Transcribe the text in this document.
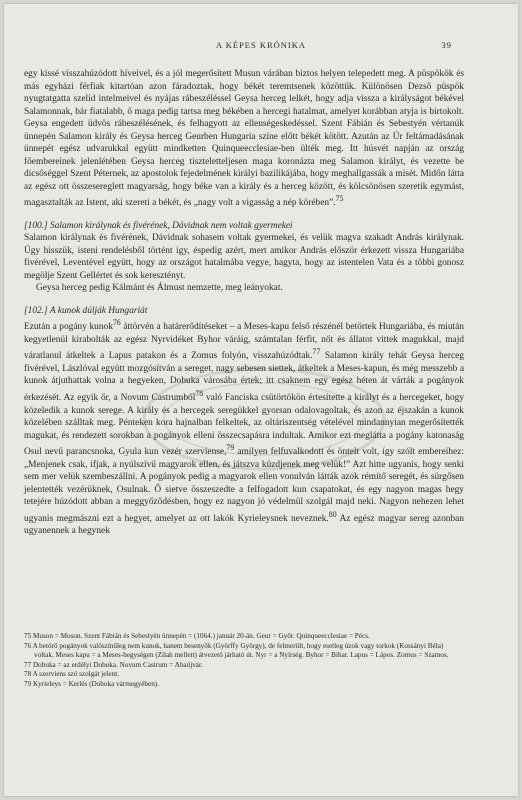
A KÉPES KRÓNIKA	39

egy kissé visszahúzódott híveivel, és a jól megerősített Musun várában biztos helyen telepedett meg. A püspökök és más egyházi férfiak kitartóan azon fáradoztak, hogy békét teremtsenek közöttük. Különösen Dezső püspök nyugtatgatta szelíd intelmeivel és nyájas rábeszéléssel Geysa herceg lelkét, hogy adja vissza a királyságot békével Salamonnak, bár fiatalabb, ő maga pedig tartsa meg békében a hercegi hatalmat, amelyet korábban atyja is birtokolt. Geysa engedett üdvös rábeszélésének, és felhagyott az ellenségeskedéssel. Szent Fábián és Sebestyén vértanúk ünnepén Salamon király és Geysa herceg Geurben Hungaria színe előtt békét kötött. Azután az Úr feltámadásának ünnepét egész udvarukkal együtt mindketten Quinqueecclesiae-ben ülték meg. Itt húsvét napján az ország főembereinek jelenlétében Geysa herceg tiszteletteljesen maga koronázta meg Salamon királyt, és vezette be dicsőséggel Szent Péternek, az apostolok fejedelmének királyi bazilikájába, hogy meghallgassák a misét. Midőn látta az egész ott összesereglett magyarság, hogy béke van a király és a herceg között, és kölcsönösen szeretik egymást, magasztalták az Istent, aki szereti a békét, és „nagy volt a vigasság a nép körében”.$^{75}$

[100.] Salamon királynak és fivérének, Dávidnak nem voltak gyermekei

Salamon királynak és fivérének, Dávidnak sohasem voltak gyermekei, és velük magva szakadt András királynak. Úgy hisszük, isteni rendelésből történt így, éspedig azért, mert amikor András először érkezett vissza Hungariába fivérével, Leventével együtt, hogy az országot hatalmába vegye, hagyta, hogy az istentelen Vata és a többi gonosz megölje Szent Gellértet és sok keresztényt.

Geysa herceg pedig Kálmánt és Álmust nemzette, meg leányokat.

[102.] A kunok dúlják Hungariát

Ezután a pogány kunok$^{76}$ áttörvén a határerődítéseket – a Meses-kapu felső részénél betörtek Hungariába, és miután kegyetlenül kirabolták az egész Nyrvidéket Byhor váráig, számtalan férfit, nőt és állatot vittek magukkal, majd váratlanul átkeltek a Lapus patakon és a Zomus folyón, visszahúzódtak.$^{77}$ Salamon király tehát Geysa herceg fivérével, Lászlóval együtt mozgósítván a sereget, nagy sebesen siettek, átkeltek a Meses-kapun, és még messzebb a kunok átjuthattak volna a hegyeken, Dobuka városába értek; itt csaknem egy egész héten át várták a pogányok érkezését. Az egyik őr, a Novum Castrumból$^{78}$ való Fanciska csütörtökön értesítette a királyt és a hercegeket, hogy közeledik a kunok serege. A király és a hercegek seregükkel gyorsan odalovagoltak, és azon az éjszakán a kunok közelében szálltak meg. Pénteken kora hajnalban felkeltek, az oltáriszentség vételével mindannyian megerősítették magukat, és rendezett sorokban a pogányok elleni összecsapásra indultak. Amikor ezt meglátta a pogány katonaság Osul nevű parancsnoka, Gyula kun vezér szerviense,$^{79}$ amilyen felfuvalkodott és öntelt volt, így szólt embereihez: „Menjenek csak, ifjak, a nyúlszívű magyarok ellen, és játszva küzdjenek meg velük!” Azt hitte ugyanis, hogy senki sem mer velük szembeszállni. A pogányok pedig a magyarok ellen vonulván látták azok rémítő seregét, és sürgősen jelentették vezérüknek, Osulnak. Ő sietve összeszedte a felfogadott kun csapatokat, és egy nagyon magas hegy tetejére húzódott abban a meggyőződésben, hogy ez nagyon jó védelmül szolgál majd neki. Nagyon nehezen lehet ugyanis megmászni ezt a hegyet, amelyet az ott lakók Kyrieleysnek neveznek.$^{80}$ Az egész magyar sereg azonban ugyanennek a hegynek

75 Muson = Moson. Szent Fábián és Sebestyén ünnepén = (1064.) január 20-án. Geur = Győr. Quinqueecclesiae = Pécs.

76 A betörő pogányok valószínűleg nem kunok, hanem besenyők (Györffy György), de felmerült, hogy esetleg úzok vagy torkok (Kossányi Béla) voltak. Meses kapu = a Meses-hegységen (Zilah mellett) átvezető járható út. Nyr = a Nyírség. Byhor = Bihar. Lapus = Lápos. Zomus = Szamos.

77 Dobuka = az erdélyi Doboka. Novum Castrum = Abaújvár.

78 A szerviens szó szolgát jelent.

79 Kyrieleys = Kerlés (Doboka vármegyében).
